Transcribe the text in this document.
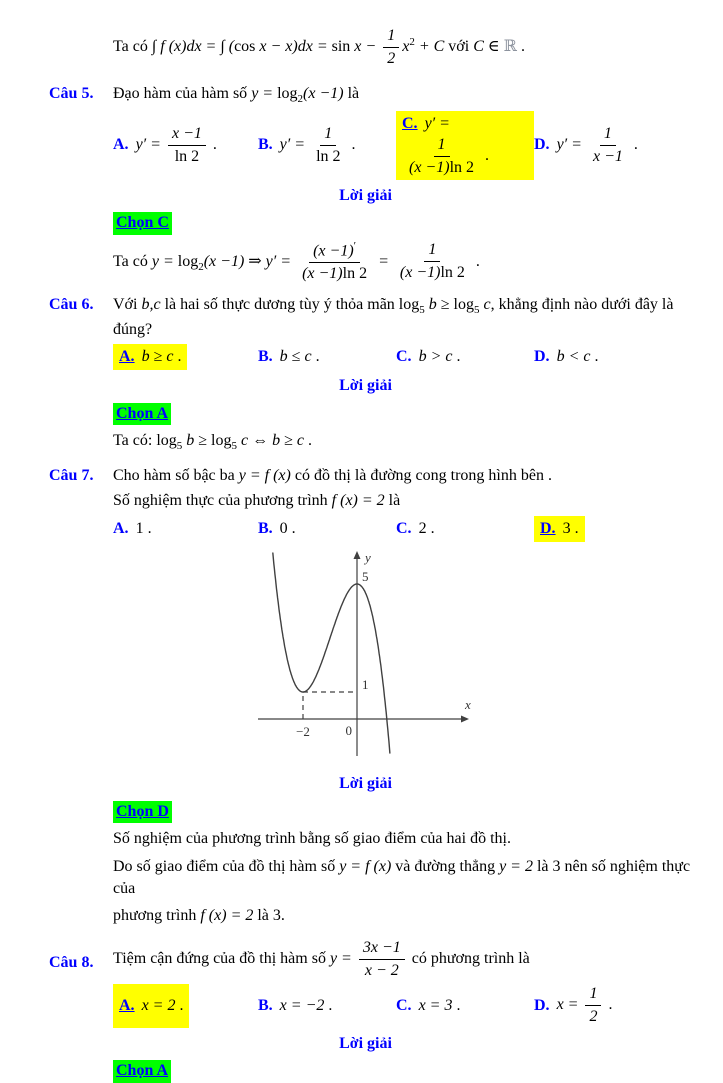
Ta có ∫ f (x)dx = ∫ (cos $x - x)dx = \sin x - \frac{1}{2} x^2 + C$ với C ∈ ℝ .
Câu 5. Đạo hàm của hàm số $y = \log_2(x -1)$ là
A. $y' = \frac{x -1}{\ln 2}$ .	B. $y' = \frac{1}{\ln 2}$ .
C. y′ =
$\frac{1}{(x -1)\ln 2}$ .
D. $y' = \frac{1}{x -1}$ .
Lời giải
Chọn C
Ta có $y = \log_2(x -1)$ ⇒ $y' = \frac{(x -1)'}{(x -1)\ln 2} = \frac{1}{(x -1)\ln 2}$ .
Câu 6. Với b,c là hai số thực dương tùy ý thỏa mãn $\log_5 b \ge \log_5 c$, khẳng định nào dưới đây là đúng?
A. b ≥ c .	B. b ≤ c .	C. b > c .	D. b < c .
Lời giải
Chọn A
Ta có: $\log_5 b \ge \log_5 c$ ⇔ b ≥ c .
Câu 7. Cho hàm số bậc ba y = f (x) có đồ thị là đường cong trong hình bên .
Số nghiệm thực của phương trình f (x) = 2 là
A. 1 .	B. 0 .	C. 2 .	D. 3 .
y
x
−2	0
1
5
Lời giải
Chọn D
Số nghiệm của phương trình bằng số giao điểm của hai đồ thị.
Do số giao điểm của đồ thị hàm số y = f (x) và đường thẳng y = 2 là 3 nên số nghiệm thực của
phương trình f (x) = 2 là 3.
Câu 8. Tiệm cận đứng của đồ thị hàm số $y = \frac{3x -1}{x - 2}$ có phương trình là
A. x = 2 .	B. x = −2 .	C. x = 3 .	D. $x = \frac{1}{2}$ .
Lời giải
Chọn A
